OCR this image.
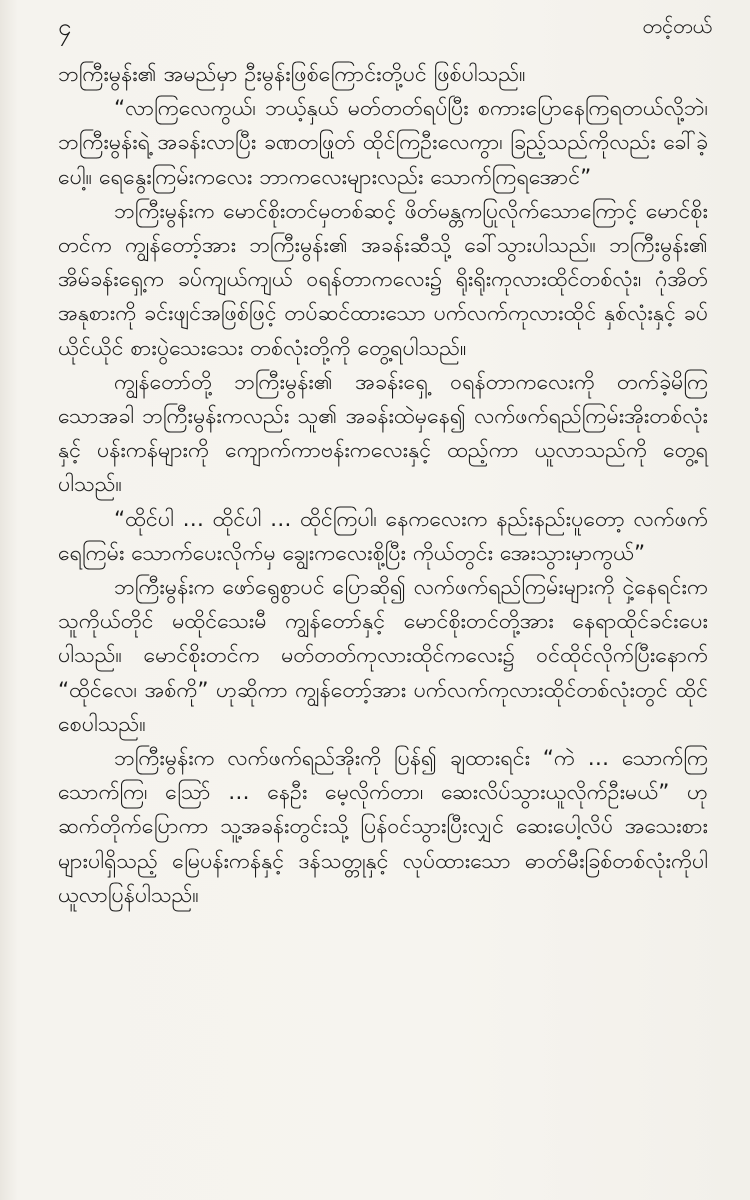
၄	တင့်တယ်

ဘကြီးမွန်း၏ အမည်မှာ ဦးမွန်းဖြစ်ကြောင်းတို့ပင် ဖြစ်ပါသည်။

“လာကြလေကွယ်၊ ဘယ့်နှယ် မတ်တတ်ရပ်ပြီး စကားပြောနေကြရတယ်လို့ဘဲ၊ ဘကြီးမွန်းရဲ့ အခန်းလာပြီး ခဏတဖြုတ် ထိုင်ကြဦးလေကွာ၊ ခြည့်သည်ကိုလည်း ခေါ်ခဲ့ပေါ့။ ရေနွေးကြမ်းကလေး ဘာကလေးများလည်း သောက်ကြရအောင်”

ဘကြီးမွန်းက မောင်စိုးတင်မှတစ်ဆင့် ဖိတ်မန္တကပြုလိုက်သောကြောင့် မောင်စိုးတင်က ကျွန်တော့်အား ဘကြီးမွန်း၏ အခန်းဆီသို့ ခေါ်သွားပါသည်။ ဘကြီးမွန်း၏ အိမ်ခန်းရှေ့က ခပ်ကျယ်ကျယ် ဝရန်တာကလေး၌ ရိုးရိုးကုလားထိုင်တစ်လုံး၊ ဂုံအိတ်အနုစားကို ခင်းဖျင်အဖြစ်ဖြင့် တပ်ဆင်ထားသော ပက်လက်ကုလားထိုင် နှစ်လုံးနှင့် ခပ်ယိုင်ယိုင် စားပွဲသေးသေး တစ်လုံးတို့ကို တွေ့ရပါသည်။

ကျွန်တော်တို့ ဘကြီးမွန်း၏ အခန်းရှေ့ ဝရန်တာကလေးကို တက်ခဲ့မိကြသောအခါ ဘကြီးမွန်းကလည်း သူ၏ အခန်းထဲမှနေ၍ လက်ဖက်ရည်ကြမ်းအိုးတစ်လုံးနှင့် ပန်းကန်များကို ကျောက်ကာဗန်းကလေးနှင့် ထည့်ကာ ယူလာသည်ကို တွေ့ရပါသည်။

“ထိုင်ပါ … ထိုင်ပါ … ထိုင်ကြပါ၊ နေကလေးက နည်းနည်းပူတော့ လက်ဖက်ရေကြမ်း သောက်ပေးလိုက်မှ ချွေးကလေးစို့ပြီး ကိုယ်တွင်း အေးသွားမှာကွယ်”

ဘကြီးမွန်းက ဖော်ရွေစွာပင် ပြောဆို၍ လက်ဖက်ရည်ကြမ်းများကို ငှဲ့နေရင်းက သူကိုယ်တိုင် မထိုင်သေးမီ ကျွန်တော်နှင့် မောင်စိုးတင်တို့အား နေရာထိုင်ခင်းပေးပါသည်။ မောင်စိုးတင်က မတ်တတ်ကုလားထိုင်ကလေး၌ ဝင်ထိုင်လိုက်ပြီးနောက် “ထိုင်လေ၊ အစ်ကို” ဟုဆိုကာ ကျွန်တော့်အား ပက်လက်ကုလားထိုင်တစ်လုံးတွင် ထိုင်စေပါသည်။

ဘကြီးမွန်းက လက်ဖက်ရည်အိုးကို ပြန်၍ ချထားရင်း “ကဲ … သောက်ကြ သောက်ကြ၊ သြော် … နေဦး မေ့လိုက်တာ၊ ဆေးလိပ်သွားယူလိုက်ဦးမယ်” ဟု ဆက်တိုက်ပြောကာ သူ့အခန်းတွင်းသို့ ပြန်ဝင်သွားပြီးလျှင် ဆေးပေါ့လိပ် အသေးစားများပါရှိသည့် မြေပန်းကန်နှင့် ဒန်သတ္တုနှင့် လုပ်ထားသော ဓာတ်မီးခြစ်တစ်လုံးကိုပါ ယူလာပြန်ပါသည်။
